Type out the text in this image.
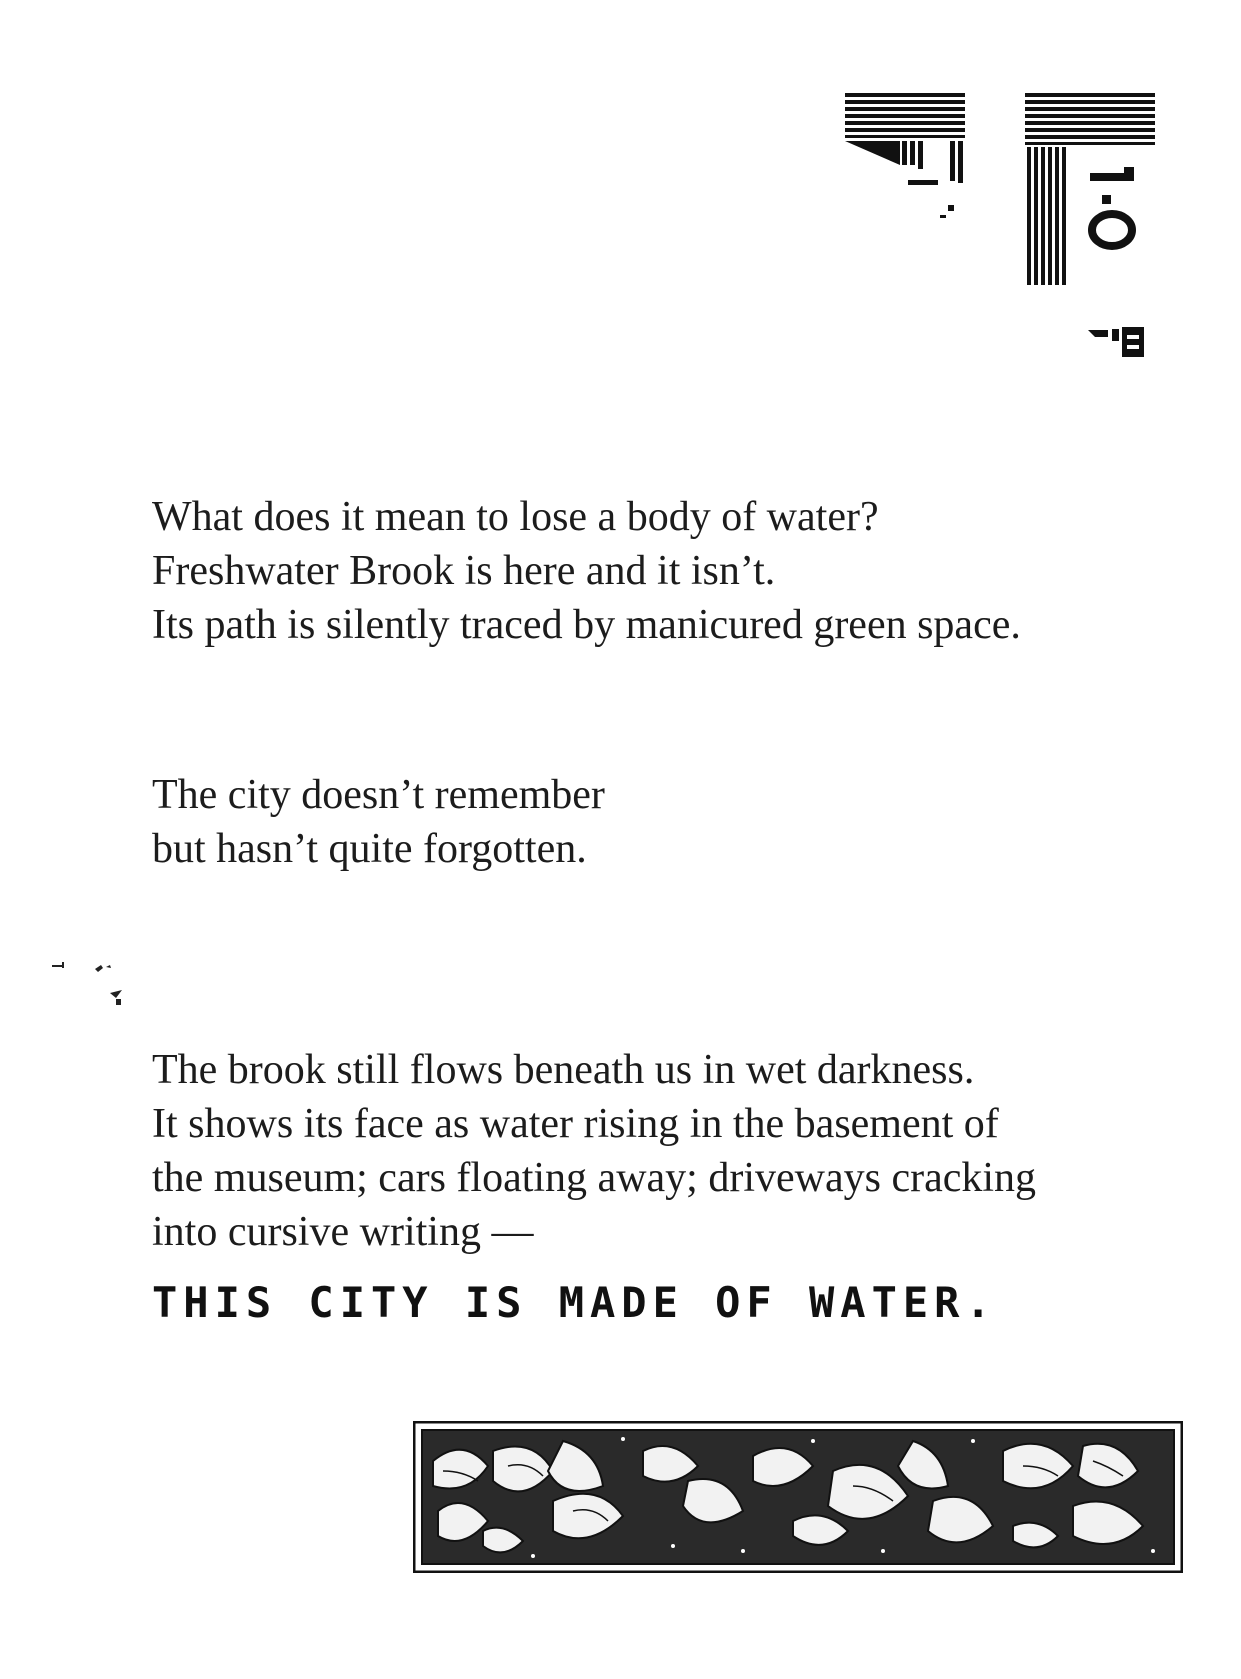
What does it mean to lose a body of water?
Freshwater Brook is here and it isn’t.
Its path is silently traced by manicured green space.
The city doesn’t remember
but hasn’t quite forgotten.
The brook still flows beneath us in wet darkness.
It shows its face as water rising in the basement of
the museum; cars floating away; driveways cracking
into cursive writing —
THIS CITY IS MADE OF WATER.
